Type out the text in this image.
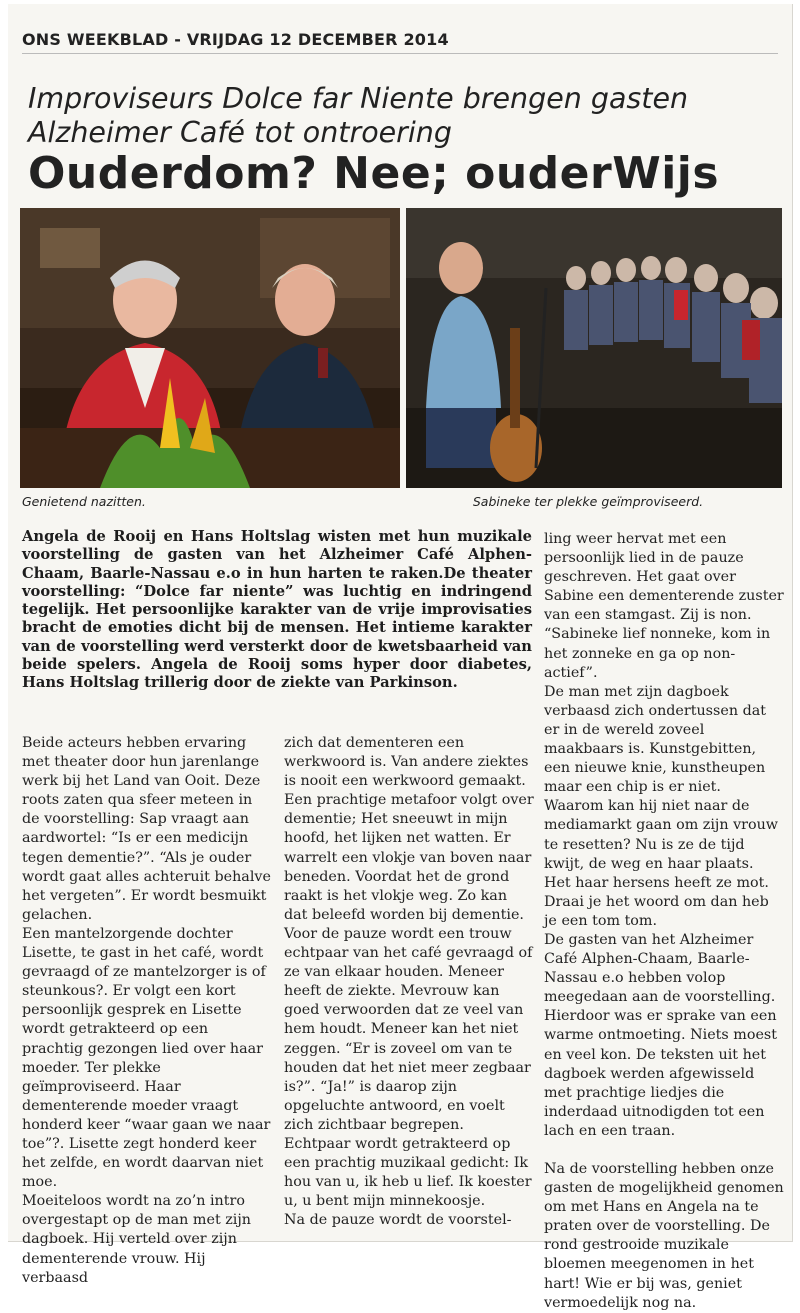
ONS WEEKBLAD - VRIJDAG 12 DECEMBER 2014
Improviseurs Dolce far Niente brengen gasten
Alzheimer Café tot ontroering
Ouderdom? Nee; ouderWijs
Genietend nazitten.	Sabineke ter plekke geïmproviseerd.
Angela de Rooij en Hans Holtslag wisten met hun muzikale voorstelling de gasten van het Alzheimer Café Alphen-Chaam, Baarle-Nassau e.o in hun harten te raken.De theater voorstelling: “Dolce far niente” was luchtig en indringend tegelijk. Het persoonlijke karakter van de vrije improvisaties bracht de emoties dicht bij de mensen. Het intieme karakter van de voorstelling werd versterkt door de kwetsbaarheid van beide spelers. Angela de Rooij soms hyper door diabetes, Hans Holtslag trillerig door de ziekte van Parkinson.

Beide acteurs hebben ervaring met theater door hun jarenlange werk bij het Land van Ooit. Deze roots zaten qua sfeer meteen in de voorstelling: Sap vraagt aan aardwortel: “Is er een medicijn tegen dementie?”. “Als je ouder wordt gaat alles achteruit behalve het vergeten”. Er wordt besmuikt gelachen.

Een mantelzorgende dochter Lisette, te gast in het café, wordt gevraagd of ze mantelzorger is of steunkous?. Er volgt een kort persoonlijk gesprek en Lisette wordt getrakteerd op een prachtig gezongen lied over haar moeder. Ter plekke geïmproviseerd. Haar dementerende moeder vraagt honderd keer “waar gaan we naar toe”?. Lisette zegt honderd keer het zelfde, en wordt daarvan niet moe.

Moeiteloos wordt na zo’n intro overgestapt op de man met zijn dagboek. Hij verteld over zijn dementerende vrouw. Hij verbaasd

zich dat dementeren een werkwoord is. Van andere ziektes is nooit een werkwoord gemaakt.

Een prachtige metafoor volgt over dementie; Het sneeuwt in mijn hoofd, het lijken net watten. Er warrelt een vlokje van boven naar beneden. Voordat het de grond raakt is het vlokje weg. Zo kan dat beleefd worden bij dementie.

Voor de pauze wordt een trouw echtpaar van het café gevraagd of ze van elkaar houden. Meneer heeft de ziekte. Mevrouw kan goed verwoorden dat ze veel van hem houdt. Meneer kan het niet zeggen. “Er is zoveel om van te houden dat het niet meer zegbaar is?”. “Ja!” is daarop zijn opgeluchte antwoord, en voelt zich zichtbaar begrepen. Echtpaar wordt getrakteerd op een prachtig muzikaal gedicht: Ik hou van u, ik heb u lief. Ik koester u, u bent mijn minnekoosje.

Na de pauze wordt de voorstel-

ling weer hervat met een persoonlijk lied in de pauze geschreven. Het gaat over Sabine een dementerende zuster van een stamgast. Zij is non. “Sabineke lief nonneke, kom in het zonneke en ga op non-actief”.

De man met zijn dagboek verbaasd zich ondertussen dat er in de wereld zoveel maakbaars is. Kunstgebitten, een nieuwe knie, kunstheupen maar een chip is er niet. Waarom kan hij niet naar de mediamarkt gaan om zijn vrouw te resetten? Nu is ze de tijd kwijt, de weg en haar plaats. Het haar hersens heeft ze mot. Draai je het woord om dan heb je een tom tom.

De gasten van het Alzheimer Café Alphen-Chaam, Baarle-Nassau e.o hebben volop meegedaan aan de voorstelling. Hierdoor was er sprake van een warme ontmoeting. Niets moest en veel kon. De teksten uit het dagboek werden afgewisseld met prachtige liedjes die inderdaad uitnodigden tot een lach en een traan.

Na de voorstelling hebben onze gasten de mogelijkheid genomen om met Hans en Angela na te praten over de voorstelling. De rond gestrooide muzikale bloemen meegenomen in het hart! Wie er bij was, geniet vermoedelijk nog na.
